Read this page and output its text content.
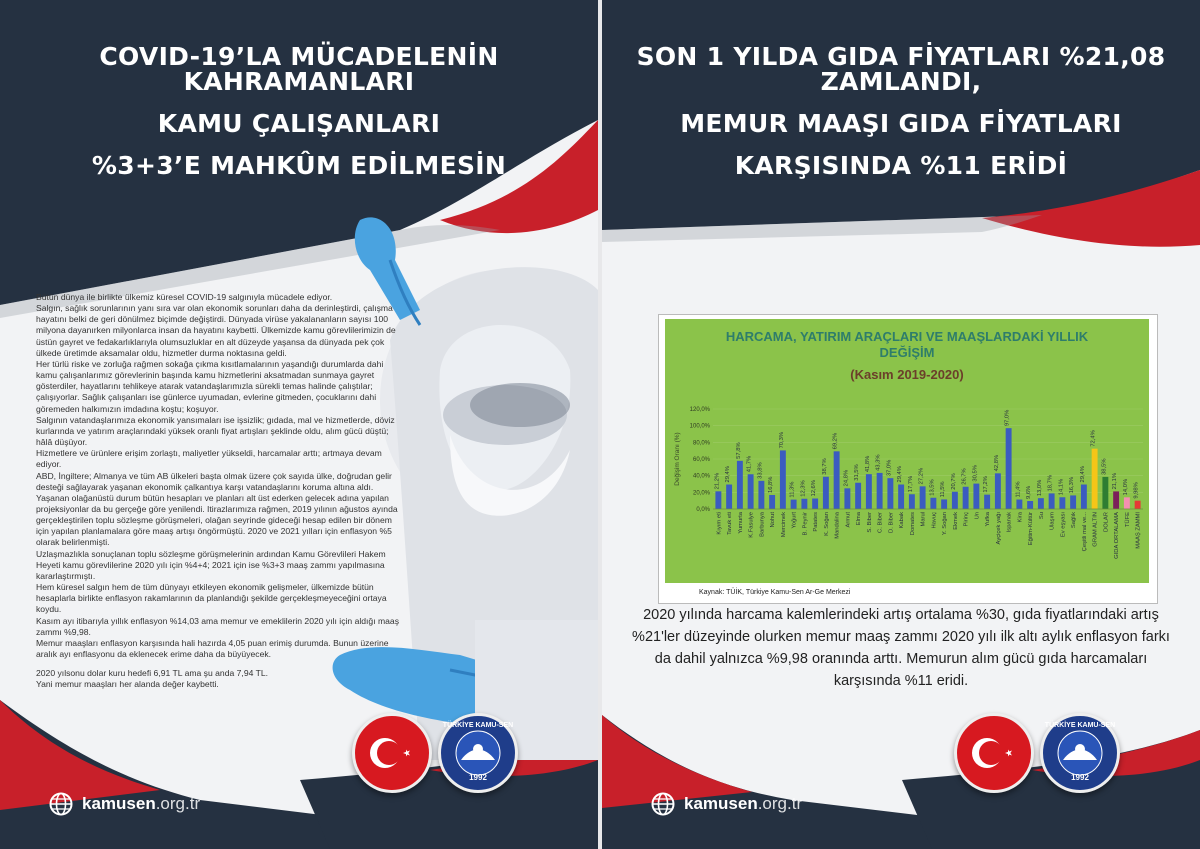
COVID-19’LA MÜCADELENİN KAHRAMANLARI
KAMU ÇALIŞANLARI
%3+3’E MAHKÛM EDİLMESİN

Bütün dünya ile birlikte ülkemiz küresel COVID-19 salgınıyla mücadele ediyor.

Salgın, sağlık sorunlarının yanı sıra var olan ekonomik sorunları daha da derinleştirdi, çalışma hayatını belki de geri dönülmez biçimde değiştirdi. Dünyada virüse yakalananların sayısı 100 milyona dayanırken milyonlarca insan da hayatını kaybetti. Ülkemizde kamu görevlilerimizin de üstün gayret ve fedakarlıklarıyla olumsuzluklar en alt düzeyde yaşansa da dünyada pek çok ülkede üretimde aksamalar oldu, hizmetler durma noktasına geldi.

Her türlü riske ve zorluğa rağmen sokağa çıkma kısıtlamalarının yaşandığı durumlarda dahi kamu çalışanlarımız görevlerinin başında kamu hizmetlerini aksatmadan sunmaya gayret gösterdiler, hayatlarını tehlikeye atarak vatandaşlarımızla sürekli temas halinde çalıştılar; çalışıyorlar. Sağlık çalışanları ise günlerce uyumadan, evlerine gitmeden, çocuklarını dahi göremeden halkımızın imdadına koştu; koşuyor.

Salgının vatandaşlarımıza ekonomik yansımaları ise işsizlik; gıdada, mal ve hizmetlerde, döviz kurlarında ve yatırım araçlarındaki yüksek oranlı fiyat artışları şeklinde oldu, alım gücü düştü; hâlâ düşüyor.

Hizmetlere ve ürünlere erişim zorlaştı, maliyetler yükseldi, harcamalar arttı; artmaya devam ediyor.

ABD, İngiltere; Almanya ve tüm AB ülkeleri başta olmak üzere çok sayıda ülke, doğrudan gelir desteği sağlayarak yaşanan ekonomik çalkantıya karşı vatandaşlarını koruma altına aldı.

Yaşanan olağanüstü durum bütün hesapları ve planları alt üst ederken gelecek adına yapılan projeksiyonlar da bu gerçeğe göre yenilendi. Itirazlarımıza rağmen, 2019 yılının ağustos ayında gerçekleştirilen toplu sözleşme görüşmeleri, olağan seyrinde gideceği hesap edilen bir dönem için yapılan planlamalara göre maaş artışı öngörmüştü. 2020 ve 2021 yılları için enflasyon %5 olarak belirlenmişti.

Uzlaşmazlıkla sonuçlanan toplu sözleşme görüşmelerinin ardından Kamu Görevlileri Hakem Heyeti kamu görevlilerine 2020 yılı için %4+4; 2021 için ise %3+3 maaş zammı yapılmasına kararlaştırmıştı.

Hem küresel salgın hem de tüm dünyayı etkileyen ekonomik gelişmeler, ülkemizde bütün hesaplarla birlikte enflasyon rakamlarının da planlandığı şekilde gerçekleşmeyeceğini ortaya koydu.

Kasım ayı itibarıyla yıllık enflasyon %14,03 ama memur ve emeklilerin 2020 yılı için aldığı maaş zammı %9,98.

Memur maaşları enflasyon karşısında hali hazırda 4,05 puan erimiş durumda. Bunun üzerine aralık ayı enflasyonu da eklenecek erime daha da büyüyecek.

2020 yılsonu dolar kuru hedefi 6,91 TL ama şu anda 7,94 TL.

Yani memur maaşları her alanda değer kaybetti.

TÜRKİYE KAMU-SEN
1992
kamusen.org.tr
SON 1 YILDA GIDA FİYATLARI %21,08 ZAMLANDI,
MEMUR MAAŞI GIDA FİYATLARI
KARŞISINDA %11 ERİDİ
HARCAMA, YATIRIM ARAÇLARI VE MAAŞLARDAKİ YILLIK
DEĞİŞİM
(Kasım 2019-2020)
Değişim Oranı (%)
0,0%
20,0%
40,0%
60,0%
80,0%
100,0%
120,0%
21,2%
Kıyım eti
29,4%
Tavuk eti
57,8%
Yumurta
41,7%
K.Fasulye
33,8%
Barbunya
16,8%
Nohut
70,3%
Mercimek
11,3%
Yoğurt
12,3%
B. Peynir
12,6%
Patates
38,7%
K. Soğan
69,2%
Mandalina
24,8%
Armut
31,5%
Elma
41,8%
S. Biber
43,3%
C. Biber
37,0%
D. Biber
29,4%
Kabak
17,7%
Domates
27,2%
Marul
13,5%
Havuç
11,5%
Y. Soğan
20,7%
Ekmek
26,7%
Pirinç
30,5%
Un
17,2%
Yufka
42,8%
Ayçiçek yağı
97,0%
Ispanak
11,4%
Kira
9,6%
Eğitim-Kültür
13,0%
Su
18,7%
Ulaşım
14,1%
Ev eşyası
16,3%
Sağlık
29,4%
Çeşitli mal ve...
72,4%
GRAM ALTIN
38,5%
DOLAR
21,1%
GIDA ORTALAMA
14,0%
TÜFE
9,98%
MAAŞ ZAMMI
Kaynak: TÜİK, Türkiye Kamu-Sen Ar-Ge Merkezi
2020 yılında harcama kalemlerindeki artış ortalama %30, gıda fiyatlarındaki artış %21'ler düzeyinde olurken memur maaş zammı 2020 yılı ilk altı aylık enflasyon farkı da dahil yalnızca %9,98 oranında arttı. Memurun alım gücü gıda harcamaları karşısında %11 eridi.
TÜRKİYE KAMU-SEN
1992
kamusen.org.tr
